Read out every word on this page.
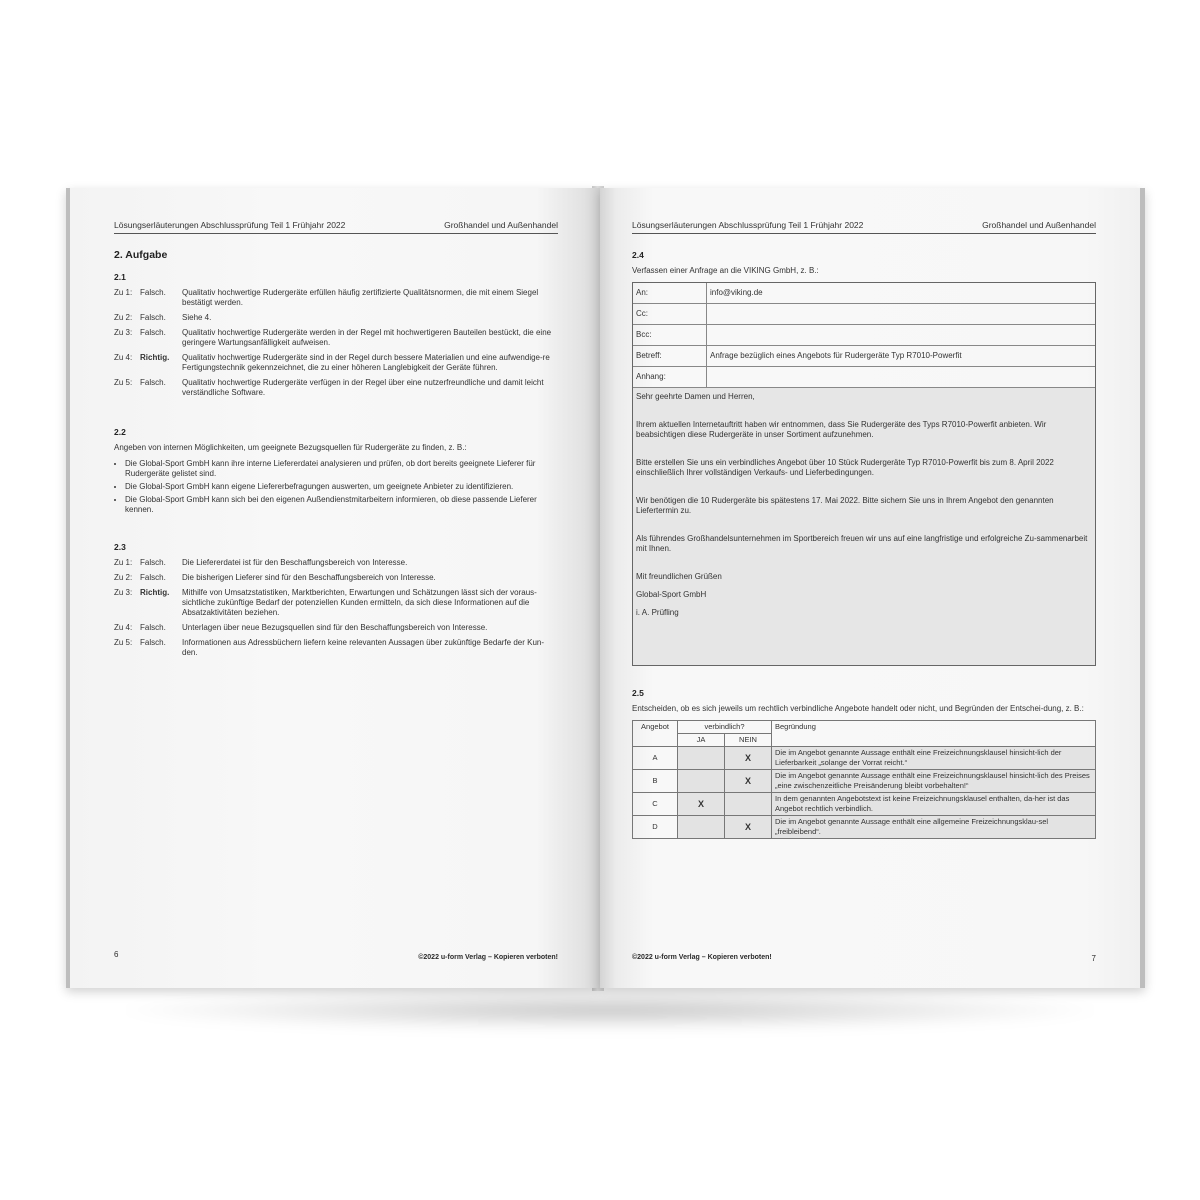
Lösungserläuterungen Abschlussprüfung Teil 1 Frühjahr 2022	Großhandel und Außenhandel
2. Aufgabe
2.1
Zu 1: Falsch.	Qualitativ hochwertige Rudergeräte erfüllen häufig zertifizierte Qualitätsnormen, die mit einem Siegel bestätigt werden.
Zu 2: Falsch.	Siehe 4.
Zu 3: Falsch.	Qualitativ hochwertige Rudergeräte werden in der Regel mit hochwertigeren Bauteilen bestückt, die eine geringere Wartungsanfälligkeit aufweisen.
Zu 4: Richtig.	Qualitativ hochwertige Rudergeräte sind in der Regel durch bessere Materialien und eine aufwendige-re Fertigungstechnik gekennzeichnet, die zu einer höheren Langlebigkeit der Geräte führen.
Zu 5: Falsch.	Qualitativ hochwertige Rudergeräte verfügen in der Regel über eine nutzerfreundliche und damit leicht verständliche Software.
2.2

Angeben von internen Möglichkeiten, um geeignete Bezugsquellen für Rudergeräte zu finden, z. B.:

• Die Global-Sport GmbH kann ihre interne Liefererdatei analysieren und prüfen, ob dort bereits geeignete Lieferer für Rudergeräte gelistet sind.
• Die Global-Sport GmbH kann eigene Liefererbefragungen auswerten, um geeignete Anbieter zu identifizieren.
• Die Global-Sport GmbH kann sich bei den eigenen Außendienstmitarbeitern informieren, ob diese passende Lieferer kennen.
2.3
Zu 1: Falsch.	Die Liefererdatei ist für den Beschaffungsbereich von Interesse.
Zu 2: Falsch.	Die bisherigen Lieferer sind für den Beschaffungsbereich von Interesse.
Zu 3: Richtig.	Mithilfe von Umsatzstatistiken, Marktberichten, Erwartungen und Schätzungen lässt sich der voraus-sichtliche zukünftige Bedarf der potenziellen Kunden ermitteln, da sich diese Informationen auf die Absatzaktivitäten beziehen.
Zu 4: Falsch.	Unterlagen über neue Bezugsquellen sind für den Beschaffungsbereich von Interesse.
Zu 5: Falsch.	Informationen aus Adressbüchern liefern keine relevanten Aussagen über zukünftige Bedarfe der Kun-den.
6	©2022 u-form Verlag – Kopieren verboten!
Lösungserläuterungen Abschlussprüfung Teil 1 Frühjahr 2022	Großhandel und Außenhandel
2.4

Verfassen einer Anfrage an die VIKING GmbH, z. B.:

An:	info@viking.de
Cc:
Bcc:
Betreff:	Anfrage bezüglich eines Angebots für Rudergeräte Typ R7010-Powerfit
Anhang:

Sehr geehrte Damen und Herren,

Ihrem aktuellen Internetauftritt haben wir entnommen, dass Sie Rudergeräte des Typs R7010-Powerfit anbieten. Wir beabsichtigen diese Rudergeräte in unser Sortiment aufzunehmen.

Bitte erstellen Sie uns ein verbindliches Angebot über 10 Stück Rudergeräte Typ R7010-Powerfit bis zum 8. April 2022 einschließlich Ihrer vollständigen Verkaufs- und Lieferbedingungen.

Wir benötigen die 10 Rudergeräte bis spätestens 17. Mai 2022. Bitte sichern Sie uns in Ihrem Angebot den genannten Liefertermin zu.

Als führendes Großhandelsunternehmen im Sportbereich freuen wir uns auf eine langfristige und erfolgreiche Zu-sammenarbeit mit Ihnen.

Mit freundlichen Grüßen

Global-Sport GmbH

i. A. Prüfling

2.5

Entscheiden, ob es sich jeweils um rechtlich verbindliche Angebote handelt oder nicht, und Begründen der Entschei-dung, z. B.:

Angebot	verbindlich?		Begründung
	JA	NEIN	
A		X	Die im Angebot genannte Aussage enthält eine Freizeichnungsklausel hinsicht-lich der Lieferbarkeit „solange der Vorrat reicht.“
B		X	Die im Angebot genannte Aussage enthält eine Freizeichnungsklausel hinsicht-lich des Preises „eine zwischenzeitliche Preisänderung bleibt vorbehalten!“
C	X		In dem genannten Angebotstext ist keine Freizeichnungsklausel enthalten, da-her ist das Angebot rechtlich verbindlich.
D		X	Die im Angebot genannte Aussage enthält eine allgemeine Freizeichnungsklau-sel „freibleibend“.
©2022 u-form Verlag – Kopieren verboten!	7
